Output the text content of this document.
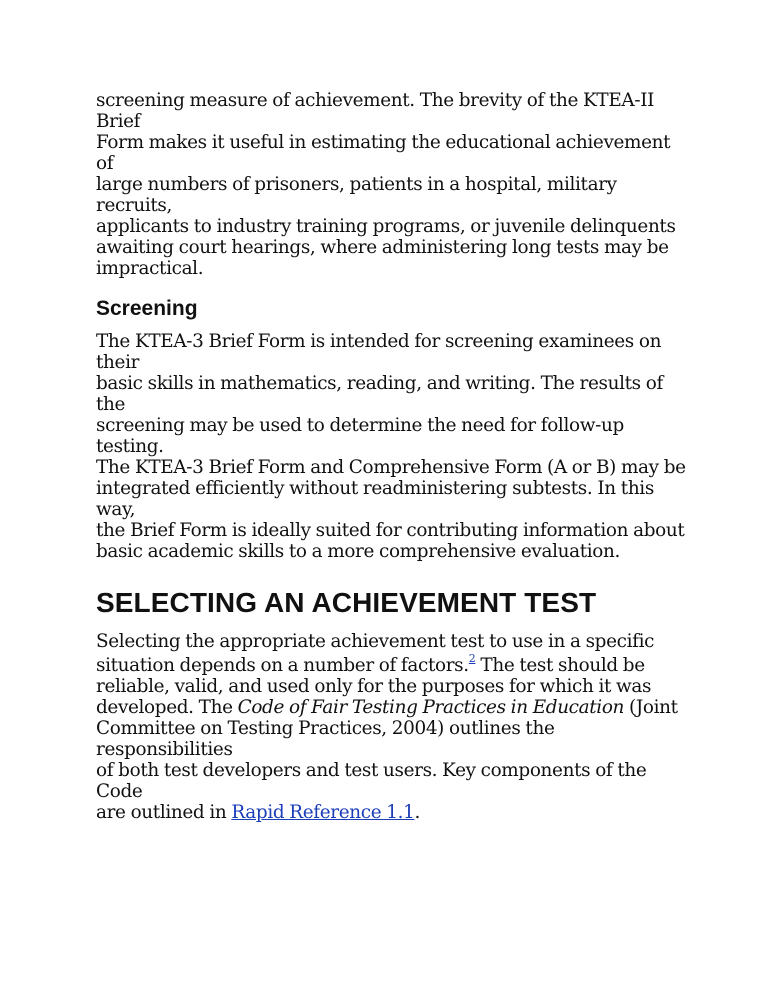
screening measure of achievement. The brevity of the KTEA-II Brief
Form makes it useful in estimating the educational achievement of
large numbers of prisoners, patients in a hospital, military recruits,
applicants to industry training programs, or juvenile delinquents
awaiting court hearings, where administering long tests may be
impractical.
Screening
The KTEA-3 Brief Form is intended for screening examinees on their
basic skills in mathematics, reading, and writing. The results of the
screening may be used to determine the need for follow-up testing.
The KTEA-3 Brief Form and Comprehensive Form (A or B) may be
integrated efficiently without readministering subtests. In this way,
the Brief Form is ideally suited for contributing information about
basic academic skills to a more comprehensive evaluation.
SELECTING AN ACHIEVEMENT TEST
Selecting the appropriate achievement test to use in a specific
situation depends on a number of factors.$^2$ The test should be
reliable, valid, and used only for the purposes for which it was
developed. The Code of Fair Testing Practices in Education (Joint
Committee on Testing Practices, 2004) outlines the responsibilities
of both test developers and test users. Key components of the Code
are outlined in Rapid Reference 1.1.
